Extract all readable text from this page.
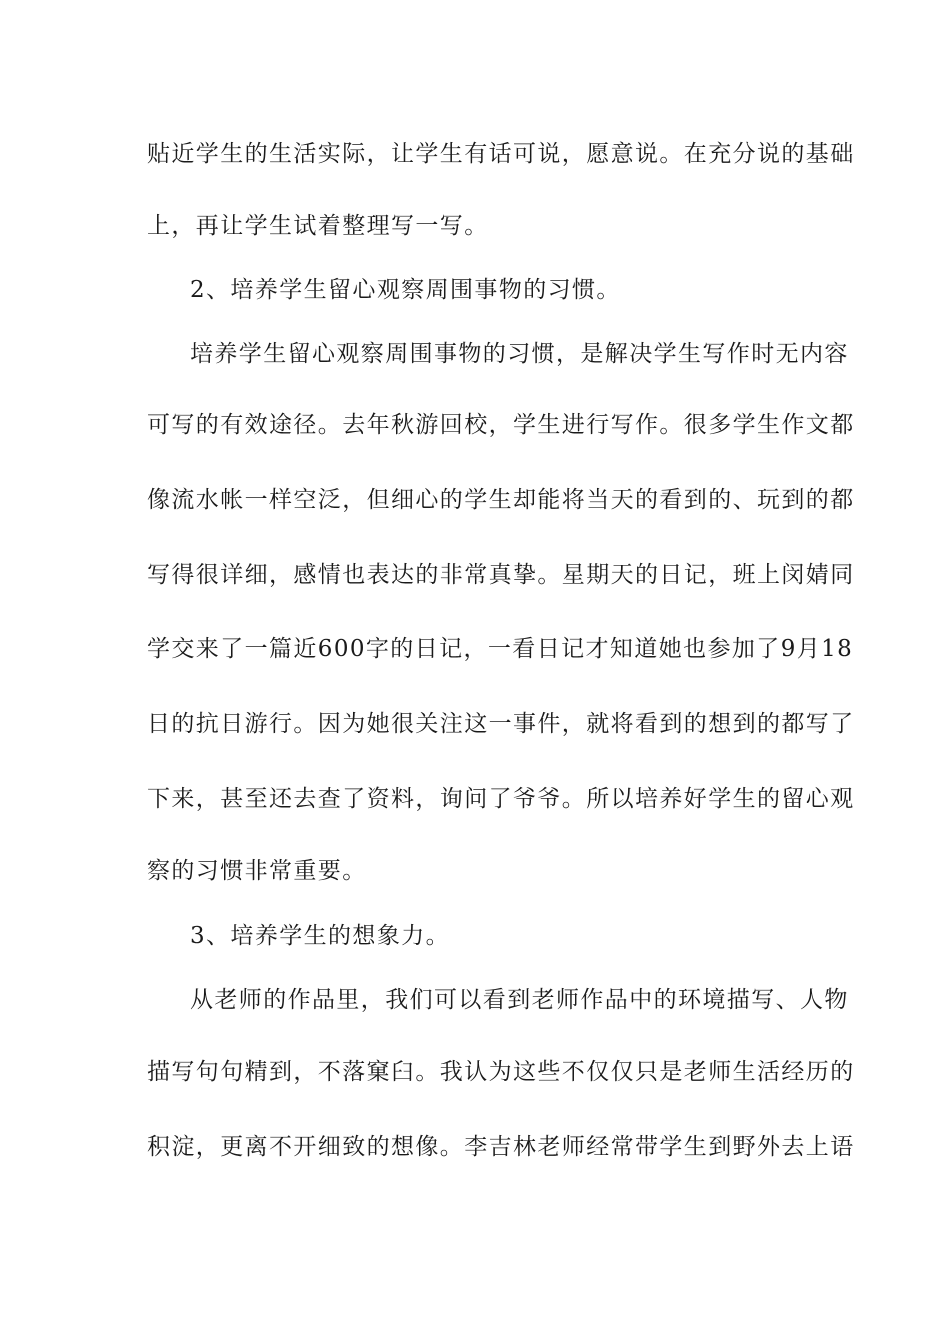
贴近学生的生活实际，让学生有话可说，愿意说。在充分说的基础
上，再让学生试着整理写一写。
2、培养学生留心观察周围事物的习惯。
培养学生留心观察周围事物的习惯，是解决学生写作时无内容
可写的有效途径。去年秋游回校，学生进行写作。很多学生作文都
像流水帐一样空泛，但细心的学生却能将当天的看到的、玩到的都
写得很详细，感情也表达的非常真挚。星期天的日记，班上闵婧同
学交来了一篇近600字的日记，一看日记才知道她也参加了9月18
日的抗日游行。因为她很关注这一事件，就将看到的想到的都写了
下来，甚至还去查了资料，询问了爷爷。所以培养好学生的留心观
察的习惯非常重要。
3、培养学生的想象力。
从老师的作品里，我们可以看到老师作品中的环境描写、人物
描写句句精到，不落窠臼。我认为这些不仅仅只是老师生活经历的
积淀，更离不开细致的想像。李吉林老师经常带学生到野外去上语
